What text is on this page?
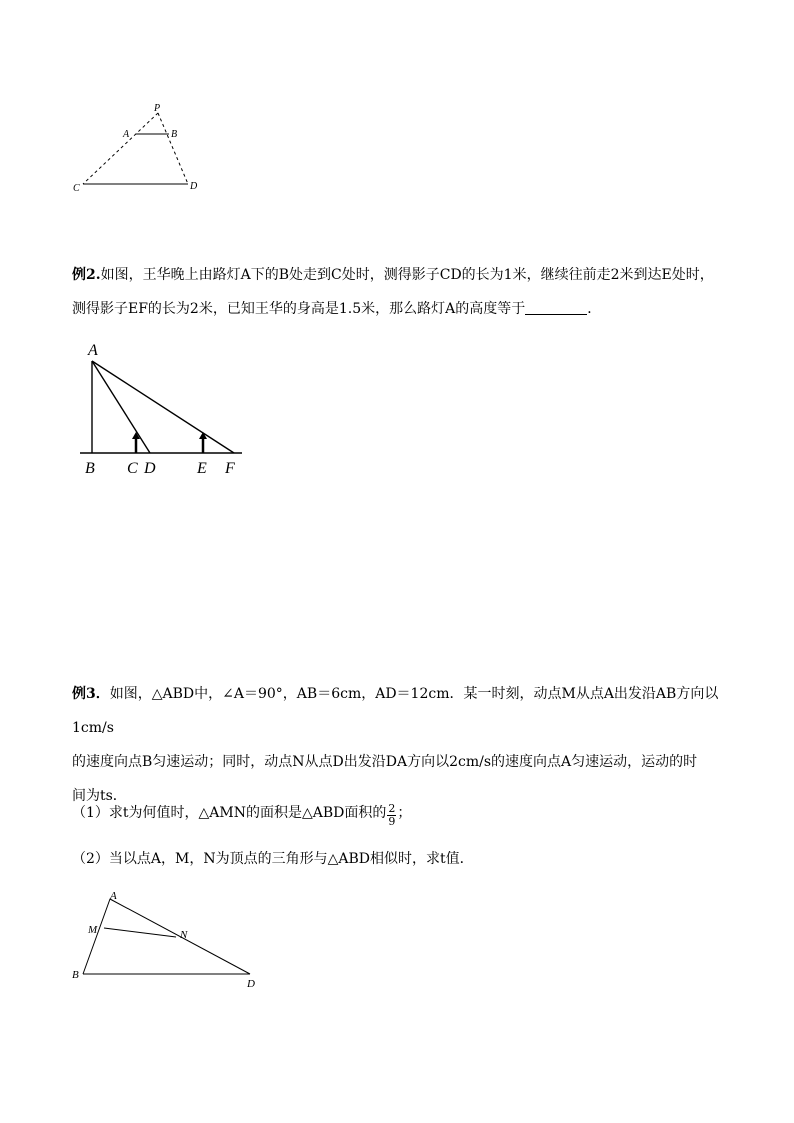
P
A	B
C	D

例2.如图，王华晚上由路灯A下的B处走到C处时，测得影子CD的长为1米，继续往前走2米到达E处时，
测得影子EF的长为2米，已知王华的身高是1.5米，那么路灯A的高度等于	．

A
B C D	E F

例3．如图，△ABD中，∠A＝90°，AB＝6cm，AD＝12cm．某一时刻，动点M从点A出发沿AB方向以1cm/s
的速度向点B匀速运动；同时，动点N从点D出发沿DA方向以2cm/s的速度向点A匀速运动，运动的时
间为ts．

（1）求t为何值时，△AMN的面积是△ABD面积的 $\frac{2}{9}$ ；

（2）当以点A，M，N为顶点的三角形与△ABD相似时，求t值．

A
M	N
B
D
